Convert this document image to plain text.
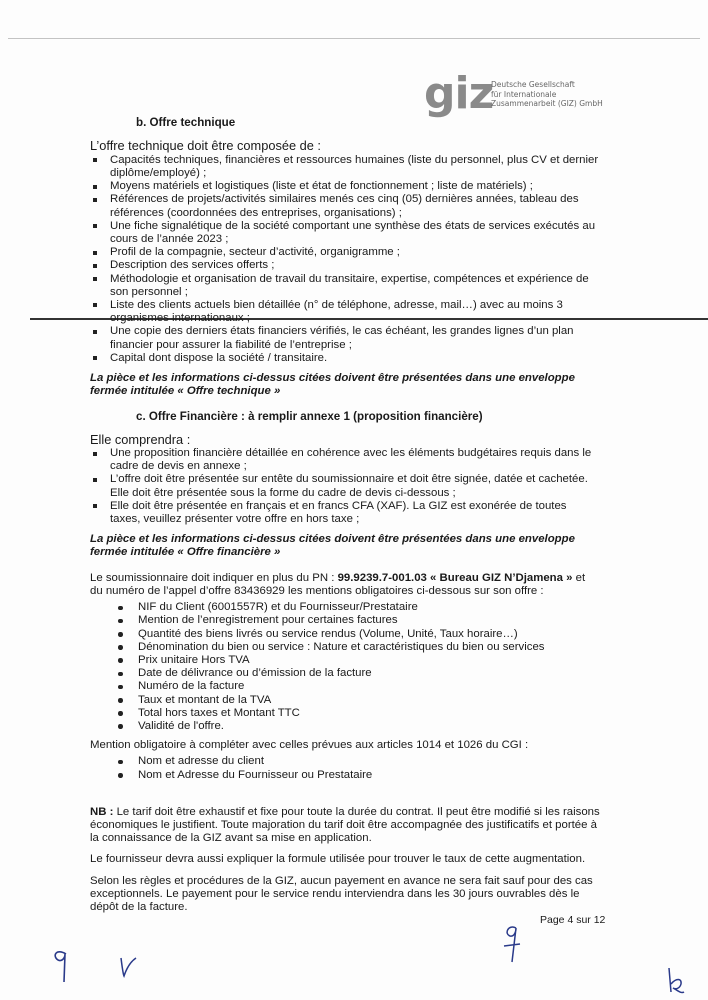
giz
Deutsche Gesellschaft
für Internationale
Zusammenarbeit (GIZ) GmbH
b. Offre technique
L’offre technique doit être composée de :
Capacités techniques, financières et ressources humaines (liste du personnel, plus CV et dernier diplôme/employé) ;
Moyens matériels et logistiques (liste et état de fonctionnement ; liste de matériels) ;
Références de projets/activités similaires menés ces cinq (05) dernières années, tableau des références (coordonnées des entreprises, organisations) ;
Une fiche signalétique de la société comportant une synthèse des états de services exécutés au cours de l’année 2023 ;
Profil de la compagnie, secteur d’activité, organigramme ;
Description des services offerts ;
Méthodologie et organisation de travail du transitaire, expertise, compétences et expérience de son personnel ;
Liste des clients actuels bien détaillée (n° de téléphone, adresse, mail…) avec au moins 3 organismes internationaux ;
Une copie des derniers états financiers vérifiés, le cas échéant, les grandes lignes d’un plan financier pour assurer la fiabilité de l’entreprise ;
Capital dont dispose la société / transitaire.
La pièce et les informations ci-dessus citées doivent être présentées dans une enveloppe fermée intitulée « Offre technique »
c. Offre Financière : à remplir annexe 1 (proposition financière)
Elle comprendra :
Une proposition financière détaillée en cohérence avec les éléments budgétaires requis dans le cadre de devis en annexe ;
L’offre doit être présentée sur entête du soumissionnaire et doit être signée, datée et cachetée. Elle doit être présentée sous la forme du cadre de devis ci-dessous ;
Elle doit être présentée en français et en francs CFA (XAF). La GIZ est exonérée de toutes taxes, veuillez présenter votre offre en hors taxe ;
La pièce et les informations ci-dessus citées doivent être présentées dans une enveloppe fermée intitulée « Offre financière »

Le soumissionnaire doit indiquer en plus du PN : 99.9239.7-001.03 « Bureau GIZ N’Djamena » et du numéro de l’appel d’offre 83436929 les mentions obligatoires ci-dessous sur son offre :

NIF du Client (6001557R) et du Fournisseur/Prestataire
Mention de l’enregistrement pour certaines factures
Quantité des biens livrés ou service rendus (Volume, Unité, Taux horaire…)
Dénomination du bien ou service : Nature et caractéristiques du bien ou services
Prix unitaire Hors TVA
Date de délivrance ou d’émission de la facture
Numéro de la facture
Taux et montant de la TVA
Total hors taxes et Montant TTC
Validité de l'offre.

Mention obligatoire à compléter avec celles prévues aux articles 1014 et 1026 du CGI :

Nom et adresse du client
Nom et Adresse du Fournisseur ou Prestataire

NB : Le tarif doit être exhaustif et fixe pour toute la durée du contrat. Il peut être modifié si les raisons économiques le justifient. Toute majoration du tarif doit être accompagnée des justificatifs et portée à la connaissance de la GIZ avant sa mise en application.

Le fournisseur devra aussi expliquer la formule utilisée pour trouver le taux de cette augmentation.

Selon les règles et procédures de la GIZ, aucun payement en avance ne sera fait sauf pour des cas exceptionnels. Le payement pour le service rendu interviendra dans les 30 jours ouvrables dès le dépôt de la facture.

Page 4 sur 12
